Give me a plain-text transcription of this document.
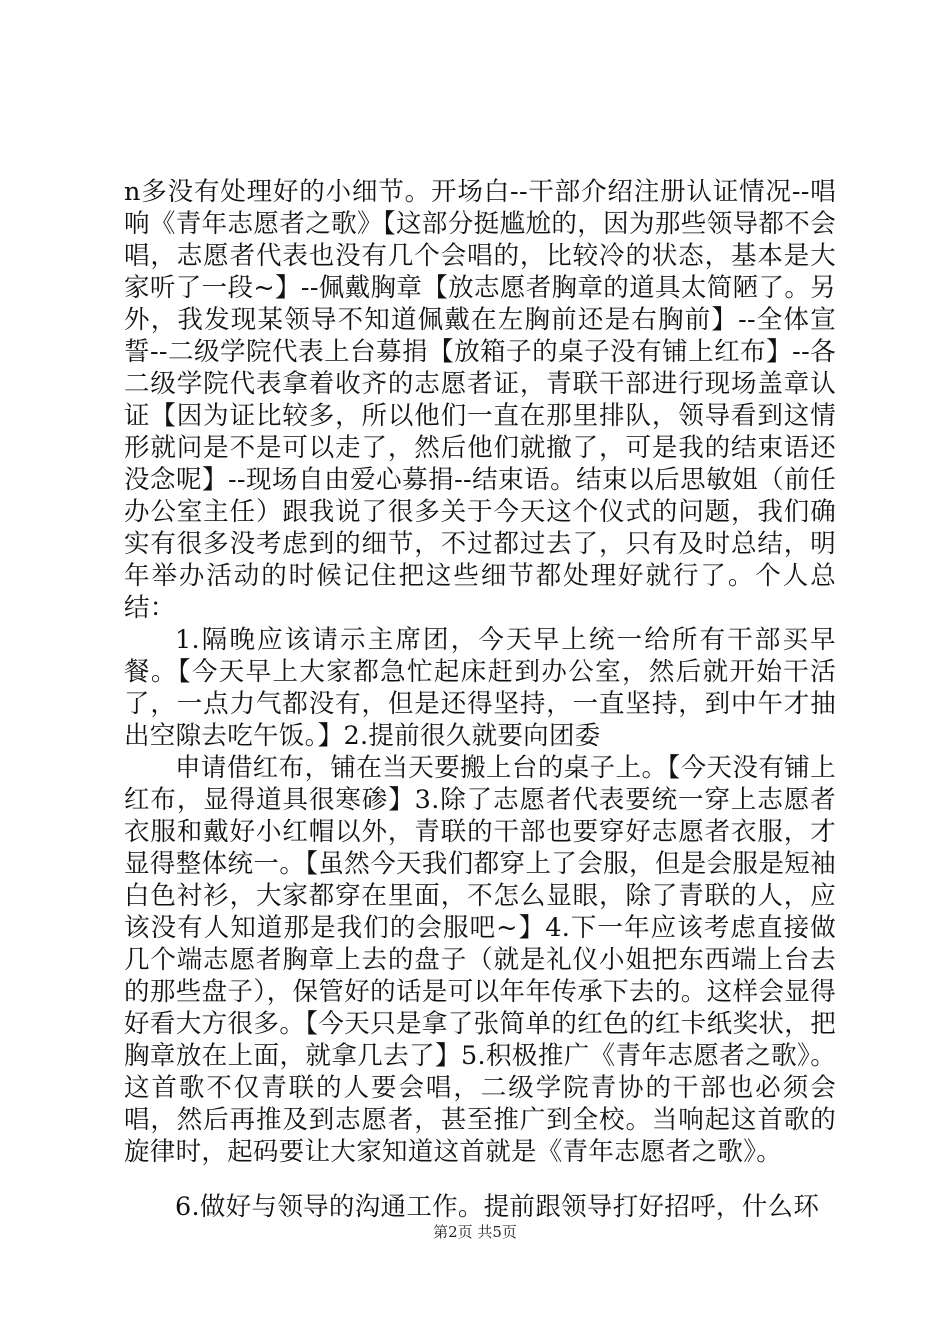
n多没有处理好的小细节。开场白--干部介绍注册认证情况--唱响《青年志愿者之歌》【这部分挺尴尬的，因为那些领导都不会唱，志愿者代表也没有几个会唱的，比较冷的状态，基本是大家听了一段~】--佩戴胸章【放志愿者胸章的道具太简陋了。另外，我发现某领导不知道佩戴在左胸前还是右胸前】--全体宣誓--二级学院代表上台募捐【放箱子的桌子没有铺上红布】--各二级学院代表拿着收齐的志愿者证，青联干部进行现场盖章认证【因为证比较多，所以他们一直在那里排队，领导看到这情形就问是不是可以走了，然后他们就撤了，可是我的结束语还没念呢】--现场自由爱心募捐--结束语。结束以后思敏姐（前任办公室主任）跟我说了很多关于今天这个仪式的问题，我们确实有很多没考虑到的细节，不过都过去了，只有及时总结，明年举办活动的时候记住把这些细节都处理好就行了。个人总结：

1.隔晚应该请示主席团，今天早上统一给所有干部买早餐。【今天早上大家都急忙起床赶到办公室，然后就开始干活了，一点力气都没有，但是还得坚持，一直坚持，到中午才抽出空隙去吃午饭。】2.提前很久就要向团委

申请借红布，铺在当天要搬上台的桌子上。【今天没有铺上红布，显得道具很寒碜】3.除了志愿者代表要统一穿上志愿者衣服和戴好小红帽以外，青联的干部也要穿好志愿者衣服，才显得整体统一。【虽然今天我们都穿上了会服，但是会服是短袖白色衬衫，大家都穿在里面，不怎么显眼，除了青联的人，应该没有人知道那是我们的会服吧~】4.下一年应该考虑直接做几个端志愿者胸章上去的盘子（就是礼仪小姐把东西端上台去的那些盘子），保管好的话是可以年年传承下去的。这样会显得好看大方很多。【今天只是拿了张简单的红色的红卡纸奖状，把胸章放在上面，就拿几去了】5.积极推广《青年志愿者之歌》。这首歌不仅青联的人要会唱，二级学院青协的干部也必须会唱，然后再推及到志愿者，甚至推广到全校。当响起这首歌的旋律时，起码要让大家知道这首就是《青年志愿者之歌》。

6.做好与领导的沟通工作。提前跟领导打好招呼，什么环

第2页 共5页
